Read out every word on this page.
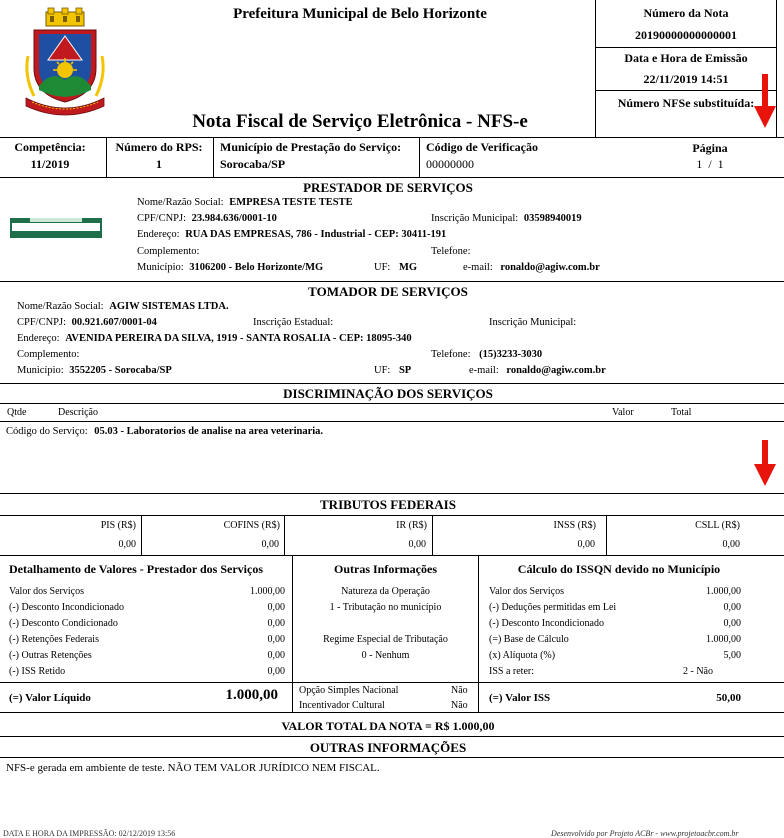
Prefeitura Municipal de Belo Horizonte
Nota Fiscal de Serviço Eletrônica - NFS-e
Número da Nota
20190000000000001
Data e Hora de Emissão
22/11/2019 14:51
Número NFSe substituída:
Competência:
11/2019
Número do RPS:
1
Município de Prestação do Serviço:
Sorocaba/SP
Código de Verificação
00000000
Página
1  /  1
PRESTADOR DE SERVIÇOS
Nome/Razão Social: EMPRESA TESTE TESTE
CPF/CNPJ: 23.984.636/0001-10	Inscrição Municipal: 03598940019
Endereço: RUA DAS EMPRESAS, 786 - Industrial - CEP: 30411-191
Complemento:	Telefone:
Município: 3106200 - Belo Horizonte/MG	UF: MG	e-mail: ronaldo@agiw.com.br
TOMADOR DE SERVIÇOS
Nome/Razão Social: AGIW SISTEMAS LTDA.
CPF/CNPJ: 00.921.607/0001-04	Inscrição Estadual:	Inscrição Municipal:
Endereço: AVENIDA PEREIRA DA SILVA, 1919 - SANTA ROSALIA - CEP: 18095-340
Complemento:	Telefone: (15)3233-3030
Município: 3552205 - Sorocaba/SP	UF: SP	e-mail: ronaldo@agiw.com.br
DISCRIMINAÇÃO DOS SERVIÇOS
Qtde	Descrição	Valor	Total
Código do Serviço: 05.03 - Laboratorios de analise na area veterinaria.
TRIBUTOS FEDERAIS
PIS (R$)
0,00
COFINS (R$)
0,00
IR (R$)
0,00
INSS (R$)
0,00
CSLL (R$)
0,00
Detalhamento de Valores - Prestador dos Serviços
Valor dos Serviços	1.000,00
(-) Desconto Incondicionado	0,00
(-) Desconto Condicionado	0,00
(-) Retenções Federais	0,00
(-) Outras Retenções	0,00
(-) ISS Retido	0,00
(=) Valor Líquido	1.000,00
Outras Informações
Natureza da Operação
1 - Tributação no município
Regime Especial de Tributação
0 - Nenhum
Opção Simples Nacional	Não
Incentivador Cultural	Não
Cálculo do ISSQN devido no Município
Valor dos Serviços	1.000,00
(-) Deduções permitidas em Lei	0,00
(-) Desconto Incondicionado	0,00
(=) Base de Cálculo	1.000,00
(x) Alíquota (%)	5,00
ISS a reter:	2 - Não
(=) Valor ISS	50,00
VALOR TOTAL DA NOTA = R$ 1.000,00
OUTRAS INFORMAÇÕES
NFS-e gerada em ambiente de teste. NÃO TEM VALOR JURÍDICO NEM FISCAL.
DATA E HORA DA IMPRESSÃO: 02/12/2019 13:56	Desenvolvido por Projeto ACBr - www.projetoacbr.com.br
